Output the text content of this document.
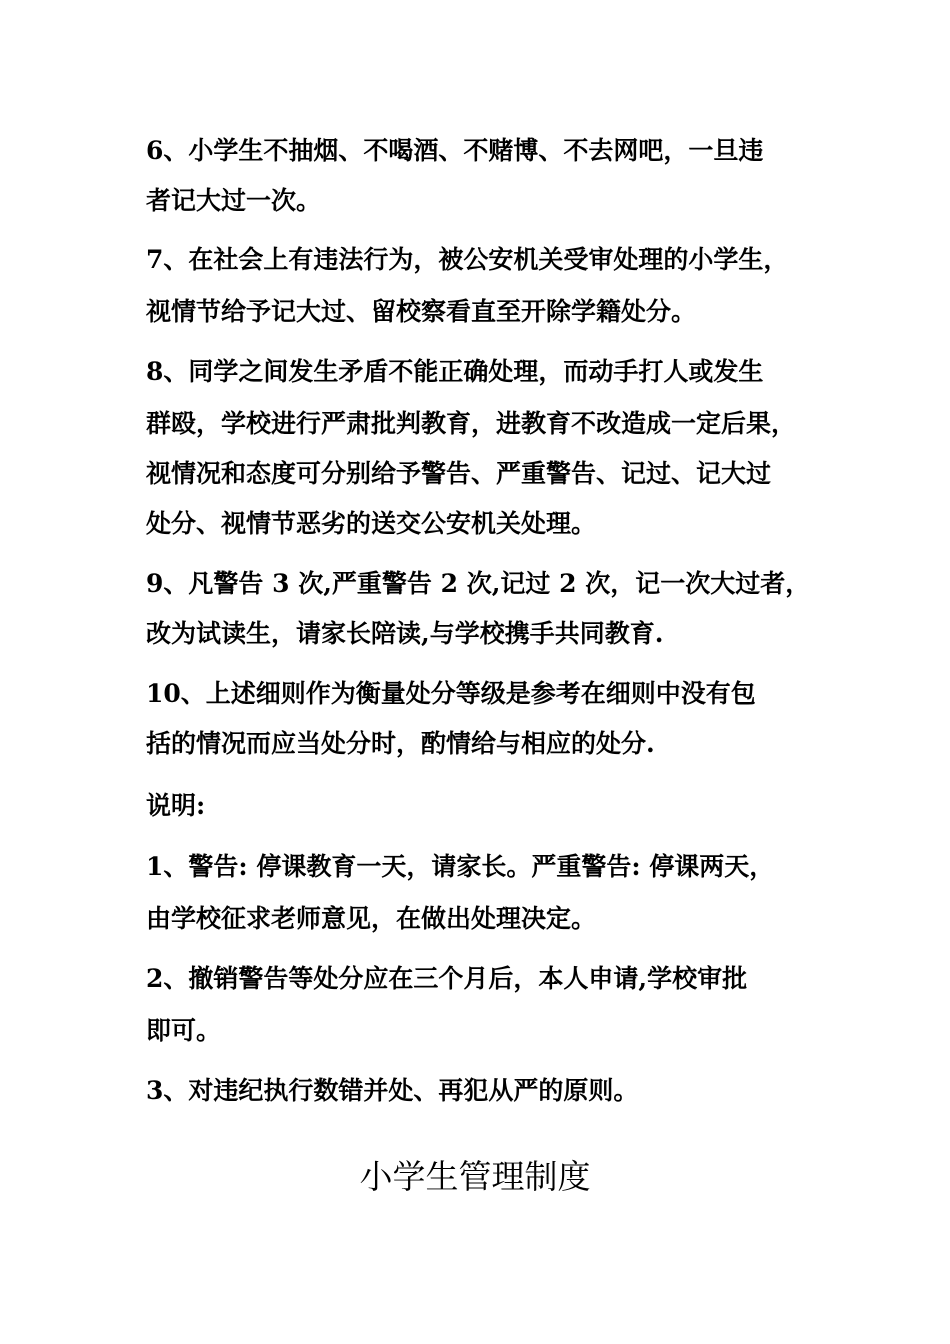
6、小学生不抽烟、不喝酒、不赌博、不去网吧，一旦违
者记大过一次。
7、在社会上有违法行为，被公安机关受审处理的小学生，
视情节给予记大过、留校察看直至开除学籍处分。
8、同学之间发生矛盾不能正确处理，而动手打人或发生
群殴，学校进行严肃批判教育，进教育不改造成一定后果，
视情况和态度可分别给予警告、严重警告、记过、记大过
处分、视情节恶劣的送交公安机关处理。
9、凡警告 3 次,严重警告 2 次,记过 2 次，记一次大过者，
改为试读生，请家长陪读,与学校携手共同教育.
10、上述细则作为衡量处分等级是参考在细则中没有包
括的情况而应当处分时，酌情给与相应的处分.
说明:
1、警告: 停课教育一天，请家长。严重警告: 停课两天，
由学校征求老师意见，在做出处理决定。
2、撤销警告等处分应在三个月后，本人申请,学校审批
即可。
3、对违纪执行数错并处、再犯从严的原则。
小学生管理制度
